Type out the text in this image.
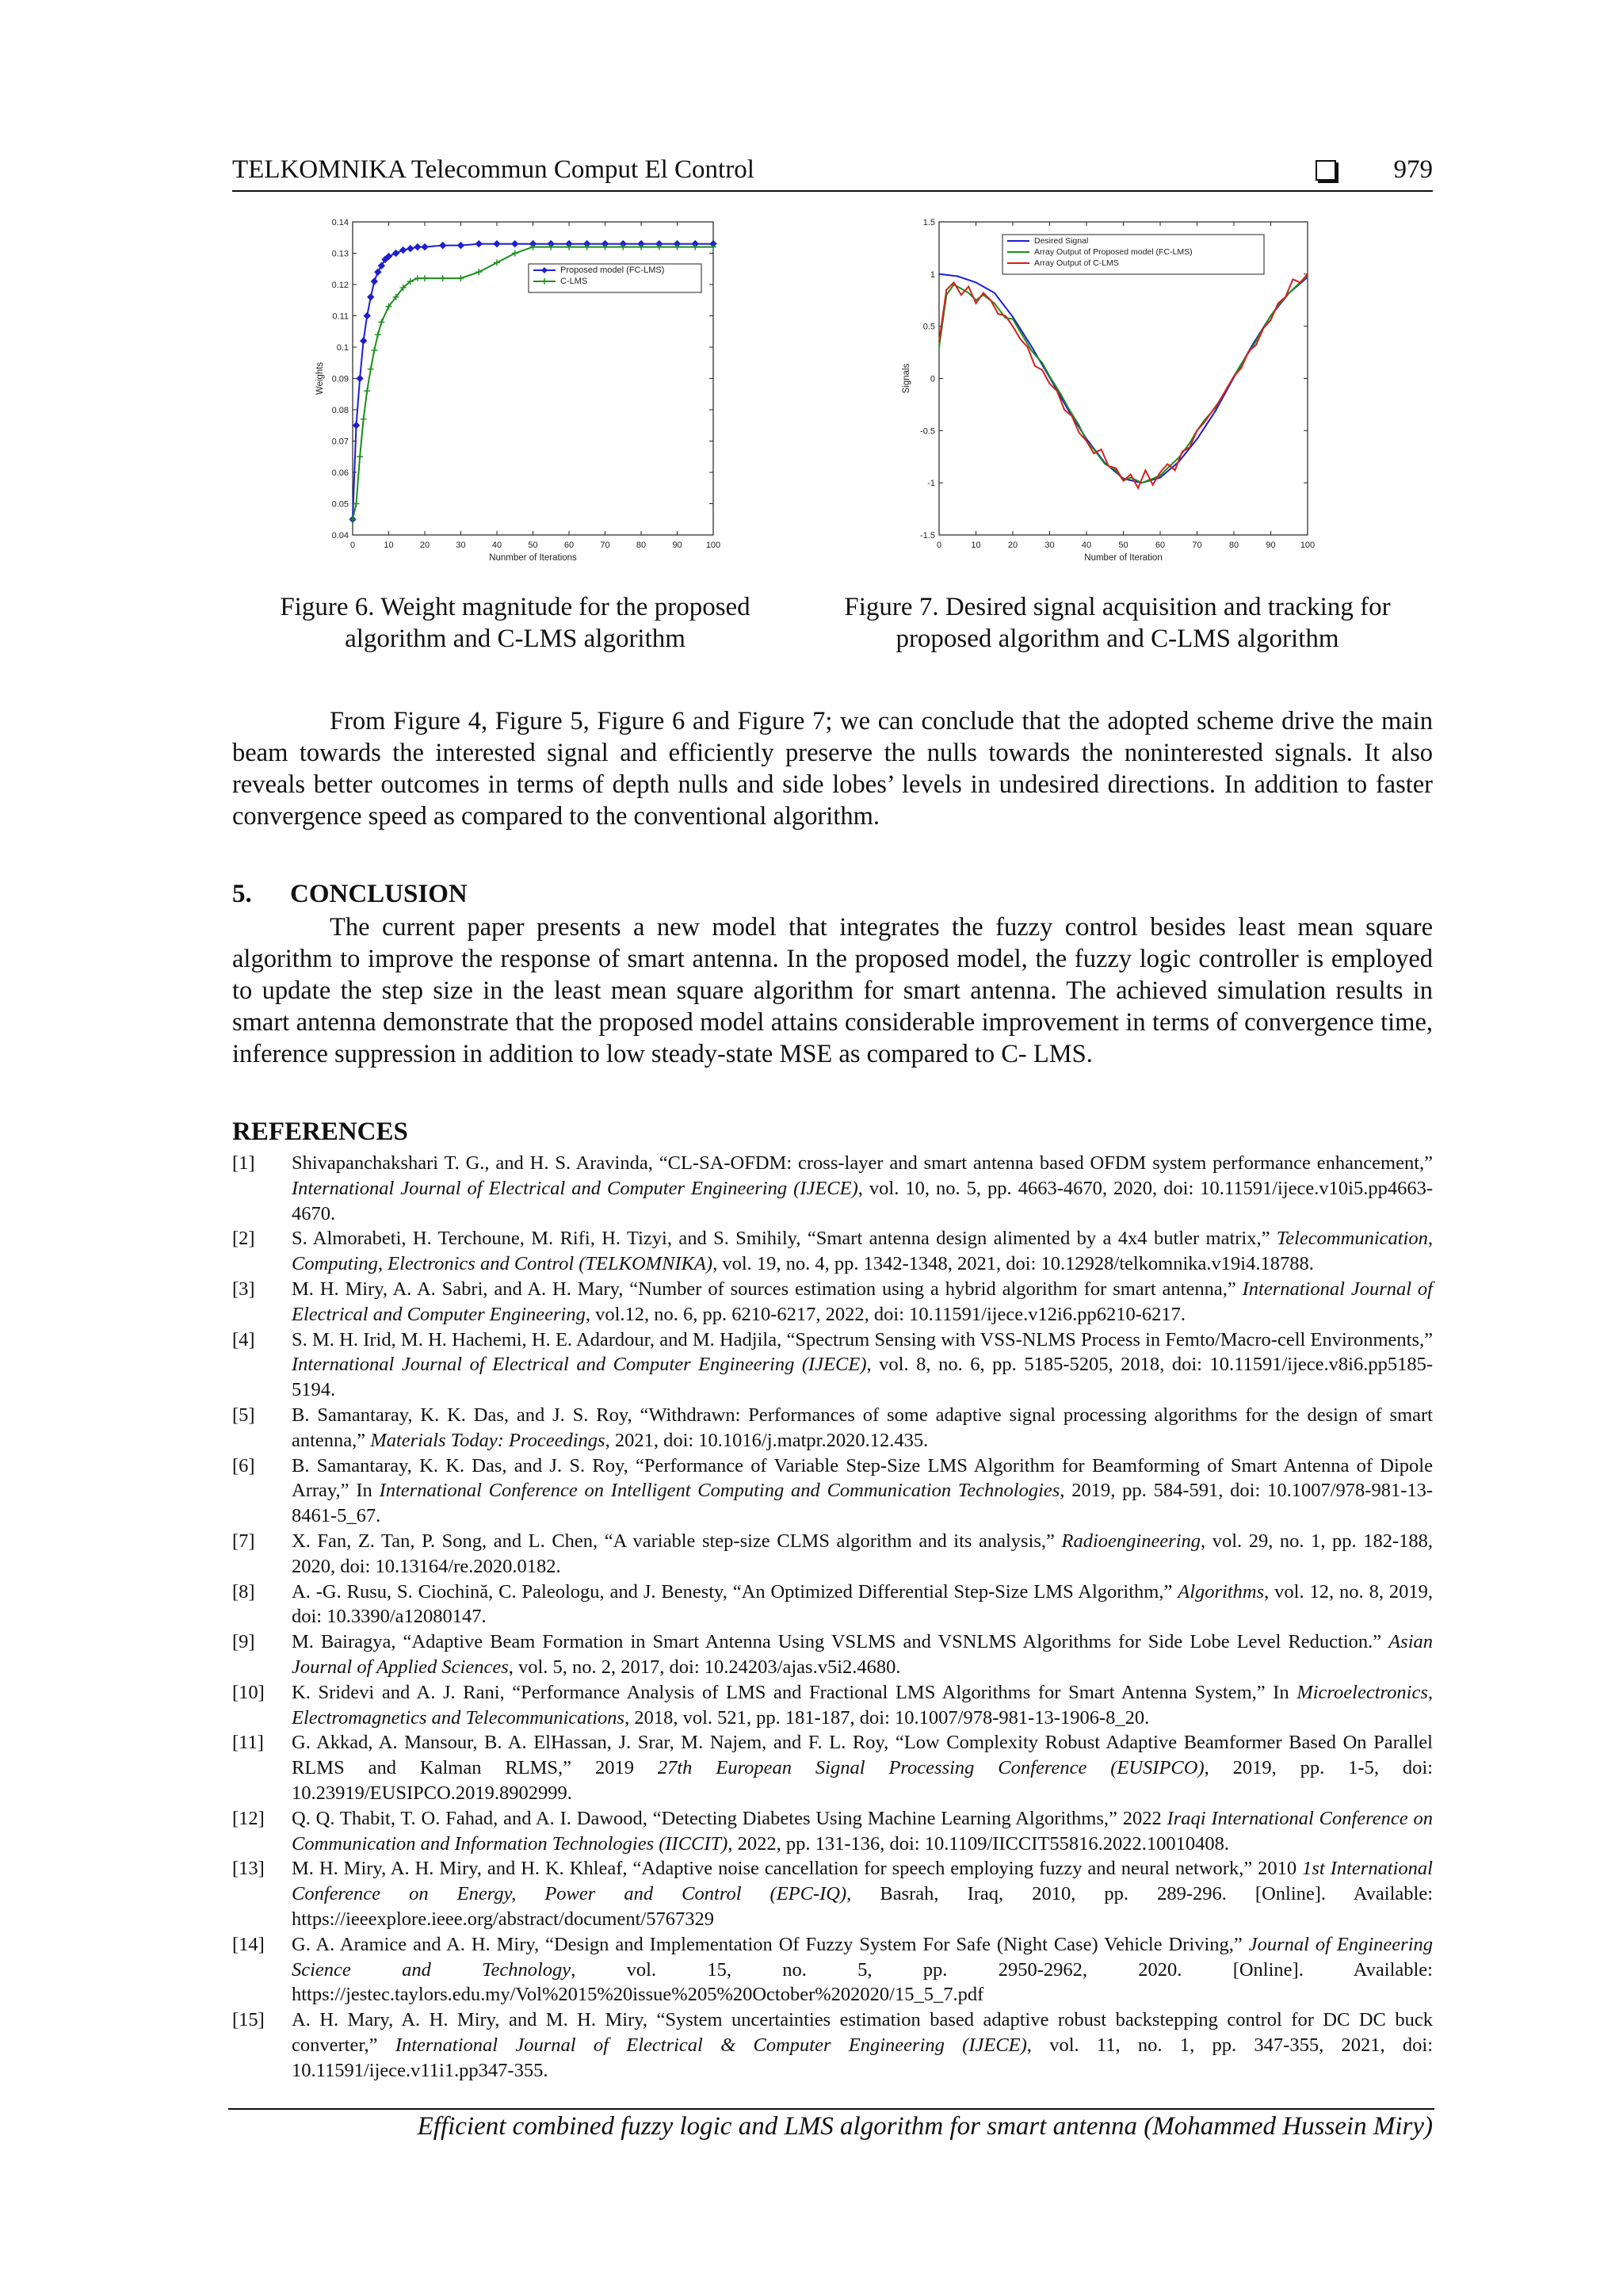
TELKOMNIKA Telecommun Comput El Control	979
0	10	20	30	40	50	60	70	80	90	100
0.04
0.05
0.06
0.07
0.08
0.09
0.1
0.11
0.12
0.13
0.14
Nunmber of Iterations
Weights
Proposed model (FC-LMS)
C-LMS
Figure 6. Weight magnitude for the proposed
algorithm and C-LMS algorithm
0	10	20	30	40	50	60	70	80	90	100
-1.5
-1
-0.5
0
0.5
1
1.5
Number of Iteration
Signals
Desired Signal
Array Output of Proposed model (FC-LMS)
Array Output of C-LMS
Figure 7. Desired signal acquisition and tracking for
proposed algorithm and C-LMS algorithm

From Figure 4, Figure 5, Figure 6 and Figure 7; we can conclude that the adopted scheme drive the main beam towards the interested signal and efficiently preserve the nulls towards the noninterested signals. It also reveals better outcomes in terms of depth nulls and side lobes’ levels in undesired directions. In addition to faster convergence speed as compared to the conventional algorithm.

5. CONCLUSION

The current paper presents a new model that integrates the fuzzy control besides least mean square algorithm to improve the response of smart antenna. In the proposed model, the fuzzy logic controller is employed to update the step size in the least mean square algorithm for smart antenna. The achieved simulation results in smart antenna demonstrate that the proposed model attains considerable improvement in terms of convergence time, inference suppression in addition to low steady-state MSE as compared to C- LMS.

REFERENCES
[1] Shivapanchakshari T. G., and H. S. Aravinda, “CL-SA-OFDM: cross-layer and smart antenna based OFDM system performance enhancement,” International Journal of Electrical and Computer Engineering (IJECE), vol. 10, no. 5, pp. 4663-4670, 2020, doi: 10.11591/ijece.v10i5.pp4663-4670.
[2] S. Almorabeti, H. Terchoune, M. Rifi, H. Tizyi, and S. Smihily, “Smart antenna design alimented by a 4x4 butler matrix,” Telecommunication, Computing, Electronics and Control (TELKOMNIKA), vol. 19, no. 4, pp. 1342-1348, 2021, doi: 10.12928/telkomnika.v19i4.18788.
[3] M. H. Miry, A. A. Sabri, and A. H. Mary, “Number of sources estimation using a hybrid algorithm for smart antenna,” International Journal of Electrical and Computer Engineering, vol.12, no. 6, pp. 6210-6217, 2022, doi: 10.11591/ijece.v12i6.pp6210-6217.
[4] S. M. H. Irid, M. H. Hachemi, H. E. Adardour, and M. Hadjila, “Spectrum Sensing with VSS-NLMS Process in Femto/Macro-cell Environments,” International Journal of Electrical and Computer Engineering (IJECE), vol. 8, no. 6, pp. 5185-5205, 2018, doi: 10.11591/ijece.v8i6.pp5185-5194.
[5] B. Samantaray, K. K. Das, and J. S. Roy, “Withdrawn: Performances of some adaptive signal processing algorithms for the design of smart antenna,” Materials Today: Proceedings, 2021, doi: 10.1016/j.matpr.2020.12.435.
[6] B. Samantaray, K. K. Das, and J. S. Roy, “Performance of Variable Step-Size LMS Algorithm for Beamforming of Smart Antenna of Dipole Array,” In International Conference on Intelligent Computing and Communication Technologies, 2019, pp. 584-591, doi: 10.1007/978-981-13-8461-5_67.
[7] X. Fan, Z. Tan, P. Song, and L. Chen, “A variable step-size CLMS algorithm and its analysis,” Radioengineering, vol. 29, no. 1, pp. 182-188, 2020, doi: 10.13164/re.2020.0182.
[8] A. -G. Rusu, S. Ciochină, C. Paleologu, and J. Benesty, “An Optimized Differential Step-Size LMS Algorithm,” Algorithms, vol. 12, no. 8, 2019, doi: 10.3390/a12080147.
[9] M. Bairagya, “Adaptive Beam Formation in Smart Antenna Using VSLMS and VSNLMS Algorithms for Side Lobe Level Reduction.” Asian Journal of Applied Sciences, vol. 5, no. 2, 2017, doi: 10.24203/ajas.v5i2.4680.
[10] K. Sridevi and A. J. Rani, “Performance Analysis of LMS and Fractional LMS Algorithms for Smart Antenna System,” In Microelectronics, Electromagnetics and Telecommunications, 2018, vol. 521, pp. 181-187, doi: 10.1007/978-981-13-1906-8_20.
[11] G. Akkad, A. Mansour, B. A. ElHassan, J. Srar, M. Najem, and F. L. Roy, “Low Complexity Robust Adaptive Beamformer Based On Parallel RLMS and Kalman RLMS,” 2019 27th European Signal Processing Conference (EUSIPCO), 2019, pp. 1-5, doi: 10.23919/EUSIPCO.2019.8902999.
[12] Q. Q. Thabit, T. O. Fahad, and A. I. Dawood, “Detecting Diabetes Using Machine Learning Algorithms,” 2022 Iraqi International Conference on Communication and Information Technologies (IICCIT), 2022, pp. 131-136, doi: 10.1109/IICCIT55816.2022.10010408.
[13] M. H. Miry, A. H. Miry, and H. K. Khleaf, “Adaptive noise cancellation for speech employing fuzzy and neural network,” 2010 1st International Conference on Energy, Power and Control (EPC-IQ), Basrah, Iraq, 2010, pp. 289-296. [Online]. Available: https://ieeexplore.ieee.org/abstract/document/5767329
[14] G. A. Aramice and A. H. Miry, “Design and Implementation Of Fuzzy System For Safe (Night Case) Vehicle Driving,” Journal of Engineering Science and Technology, vol. 15, no. 5, pp. 2950-2962, 2020. [Online]. Available: https://jestec.taylors.edu.my/Vol%2015%20issue%205%20October%202020/15_5_7.pdf
[15] A. H. Mary, A. H. Miry, and M. H. Miry, “System uncertainties estimation based adaptive robust backstepping control for DC DC buck converter,” International Journal of Electrical & Computer Engineering (IJECE), vol. 11, no. 1, pp. 347-355, 2021, doi: 10.11591/ijece.v11i1.pp347-355.
Efficient combined fuzzy logic and LMS algorithm for smart antenna (Mohammed Hussein Miry)
